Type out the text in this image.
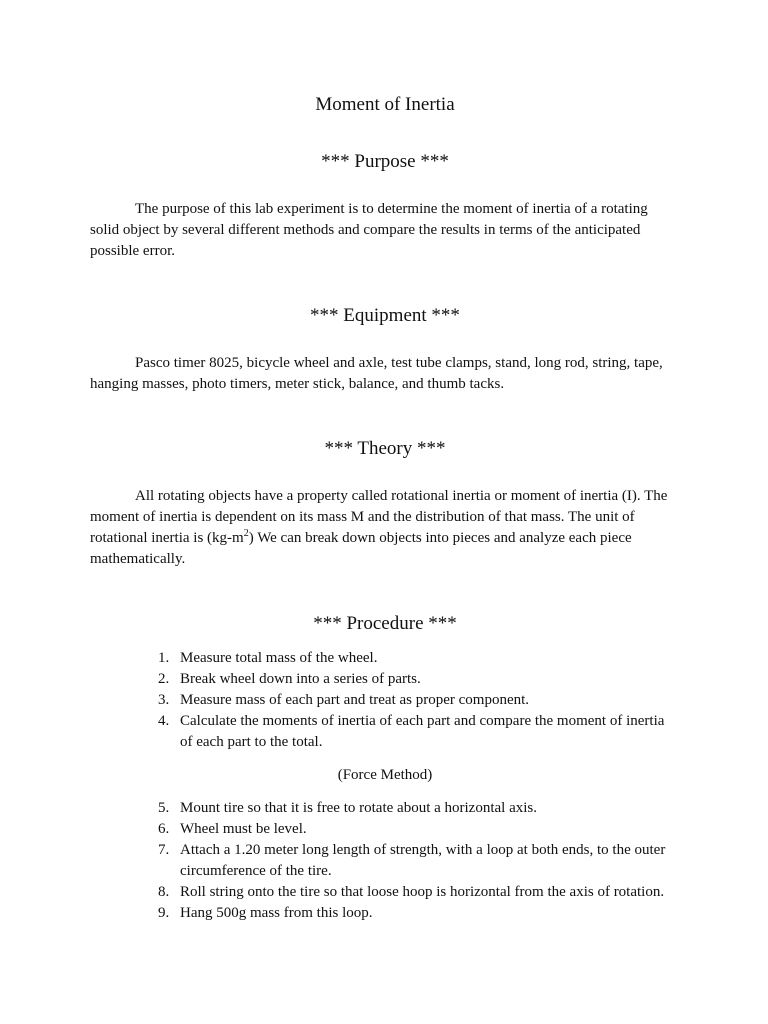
Moment of Inertia
*** Purpose ***

The purpose of this lab experiment is to determine the moment of inertia of a rotating solid object by several different methods and compare the results in terms of the anticipated possible error.

*** Equipment ***

Pasco timer 8025, bicycle wheel and axle, test tube clamps, stand, long rod, string, tape, hanging masses, photo timers, meter stick, balance, and thumb tacks.

*** Theory ***

All rotating objects have a property called rotational inertia or moment of inertia (I). The moment of inertia is dependent on its mass M and the distribution of that mass. The unit of rotational inertia is $(kg-m^2)$ We can break down objects into pieces and analyze each piece mathematically.

*** Procedure ***
1. Measure total mass of the wheel.
2. Break wheel down into a series of parts.
3. Measure mass of each part and treat as proper component.
4. Calculate the moments of inertia of each part and compare the moment of inertia of each part to the total.

(Force Method)

5. Mount tire so that it is free to rotate about a horizontal axis.
6. Wheel must be level.
7. Attach a 1.20 meter long length of strength, with a loop at both ends, to the outer circumference of the tire.
8. Roll string onto the tire so that loose hoop is horizontal from the axis of rotation.
9. Hang 500g mass from this loop.
